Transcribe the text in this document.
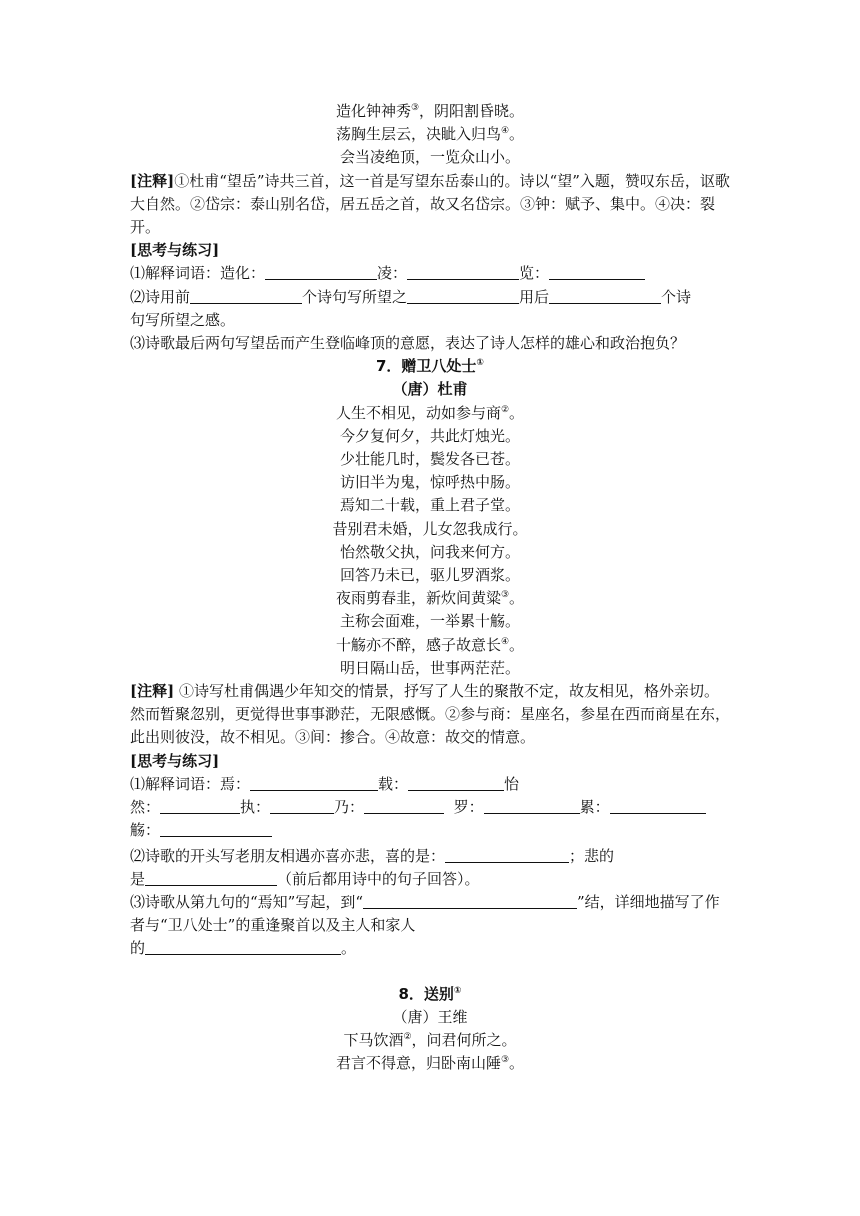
造化钟神秀③，阴阳割昏晓。

荡胸生层云，决眦入归鸟④。

会当凌绝顶，一览众山小。

[注释]①杜甫“望岳”诗共三首，这一首是写望东岳泰山的。诗以“望”入题，赞叹东岳，讴歌大自然。②岱宗：泰山别名岱，居五岳之首，故又名岱宗。③钟：赋予、集中。④决：裂开。

[思考与练习]

⑴解释词语：造化：	凌：	览：

⑵诗用前	个诗句写所望之	用后	个诗

句写所望之感。

⑶诗歌最后两句写望岳而产生登临峰顶的意愿，表达了诗人怎样的雄心和政治抱负？

7．赠卫八处士①

（唐）杜甫

人生不相见，动如参与商②。

今夕复何夕，共此灯烛光。

少壮能几时，鬓发各已苍。

访旧半为鬼，惊呼热中肠。

焉知二十载，重上君子堂。

昔别君未婚，儿女忽我成行。

怡然敬父执，问我来何方。

回答乃未已，驱儿罗酒浆。

夜雨剪春韭，新炊间黄粱③。

主称会面难，一举累十觞。

十觞亦不醉，感子故意长④。

明日隔山岳，世事两茫茫。

[注释] ①诗写杜甫偶遇少年知交的情景，抒写了人生的聚散不定，故友相见，格外亲切。然而暂聚忽别，更觉得世事事渺茫，无限感慨。②参与商：星座名，参星在西而商星在东，此出则彼没，故不相见。③间：掺合。④故意：故交的情意。

[思考与练习]

⑴解释词语：焉：	载：	怡

然：	执：	乃：	罗：	累：

觞：

⑵诗歌的开头写老朋友相遇亦喜亦悲，喜的是：	；悲的

是	（前后都用诗中的句子回答）。

⑶诗歌从第九句的“焉知”写起，到“	”结，详细地描写了作者与“卫八处士”的重逢聚首以及主人和家人

的	。

8．送别①

（唐）王维

下马饮酒②，问君何所之。

君言不得意，归卧南山陲③。
